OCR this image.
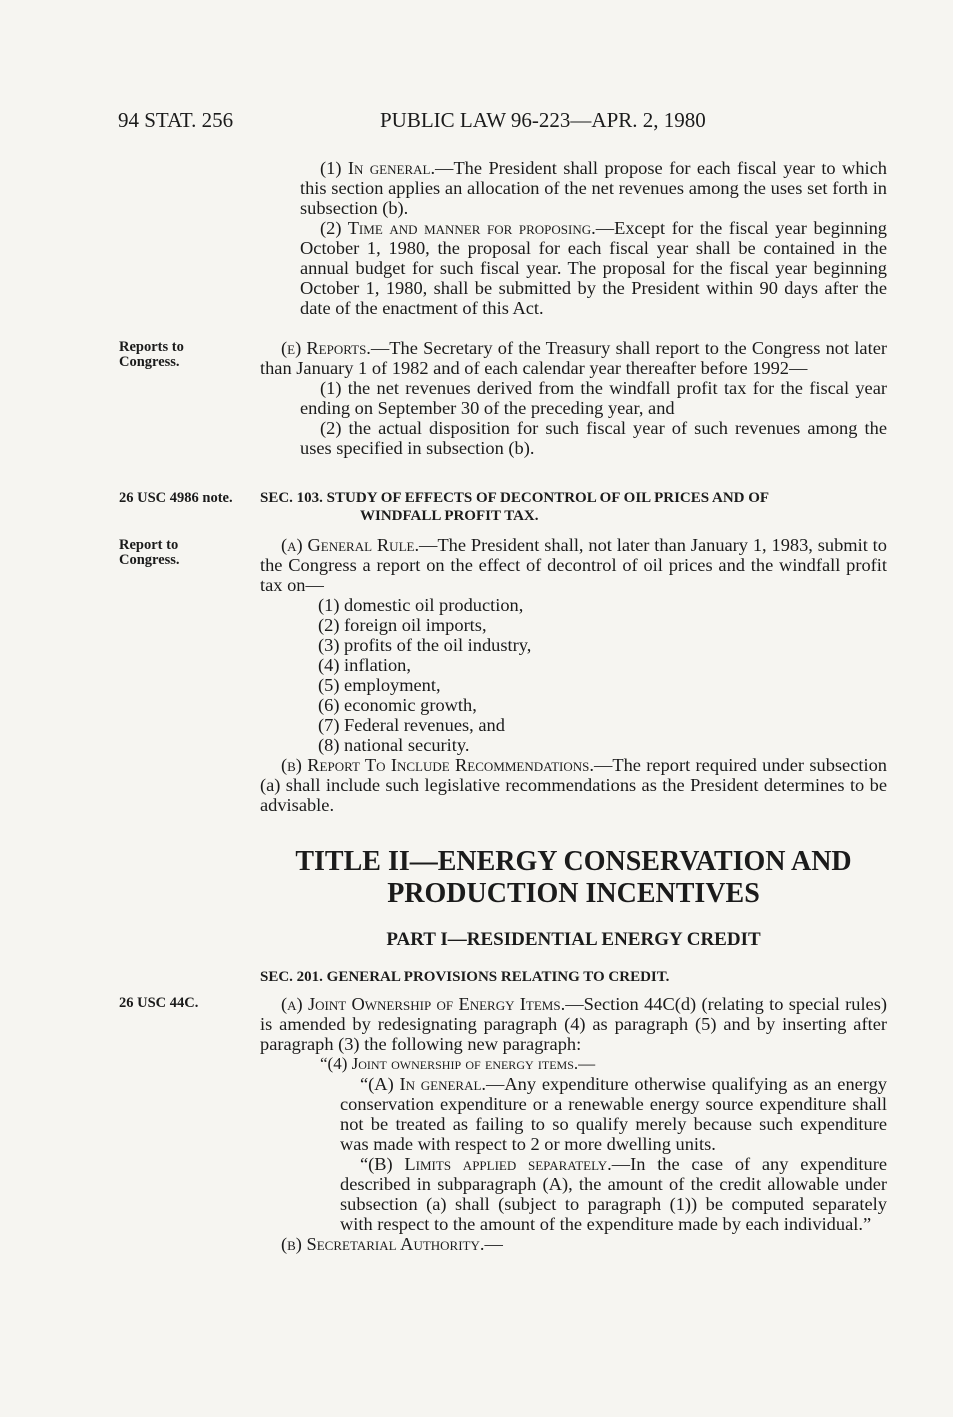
94 STAT. 256	PUBLIC LAW 96-223—APR. 2, 1980
Reports to Congress.
26 USC 4986 note.
Report to Congress.
26 USC 44C.

(1) In general.—The President shall propose for each fiscal year to which this section applies an allocation of the net revenues among the uses set forth in subsection (b).

(2) Time and manner for proposing.—Except for the fiscal year beginning October 1, 1980, the proposal for each fiscal year shall be contained in the annual budget for such fiscal year. The proposal for the fiscal year beginning October 1, 1980, shall be submitted by the President within 90 days after the date of the enactment of this Act.

(e) Reports.—The Secretary of the Treasury shall report to the Congress not later than January 1 of 1982 and of each calendar year thereafter before 1992—

(1) the net revenues derived from the windfall profit tax for the fiscal year ending on September 30 of the preceding year, and

(2) the actual disposition for such fiscal year of such revenues among the uses specified in subsection (b).

SEC. 103. STUDY OF EFFECTS OF DECONTROL OF OIL PRICES AND OF
WINDFALL PROFIT TAX.

(a) General Rule.—The President shall, not later than January 1, 1983, submit to the Congress a report on the effect of decontrol of oil prices and the windfall profit tax on—

(1) domestic oil production,

(2) foreign oil imports,

(3) profits of the oil industry,

(4) inflation,

(5) employment,

(6) economic growth,

(7) Federal revenues, and

(8) national security.

(b) Report To Include Recommendations.—The report required under subsection (a) shall include such legislative recommendations as the President determines to be advisable.

TITLE II—ENERGY CONSERVATION AND
PRODUCTION INCENTIVES
PART I—RESIDENTIAL ENERGY CREDIT

SEC. 201. GENERAL PROVISIONS RELATING TO CREDIT.

(a) Joint Ownership of Energy Items.—Section 44C(d) (relating to special rules) is amended by redesignating paragraph (4) as paragraph (5) and by inserting after paragraph (3) the following new paragraph:

“(4) Joint ownership of energy items.—

“(A) In general.—Any expenditure otherwise qualifying as an energy conservation expenditure or a renewable energy source expenditure shall not be treated as failing to so qualify merely because such expenditure was made with respect to 2 or more dwelling units.

“(B) Limits applied separately.—In the case of any expenditure described in subparagraph (A), the amount of the credit allowable under subsection (a) shall (subject to paragraph (1)) be computed separately with respect to the amount of the expenditure made by each individual.”

(b) Secretarial Authority.—
